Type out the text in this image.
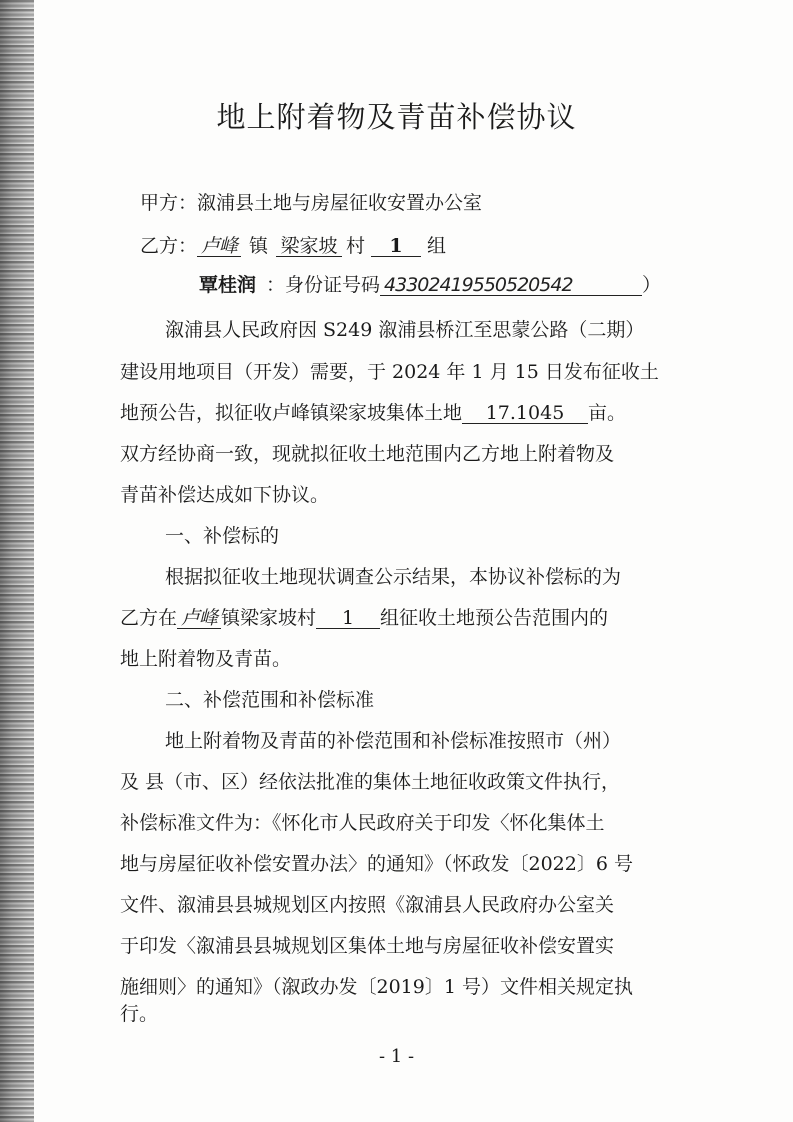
地上附着物及青苗补偿协议
甲方：溆浦县土地与房屋征收安置办公室
乙方： 卢峰 镇 梁家坡 村 1 组
覃桂润 ：身份证号码 43302419550520542	）
溆浦县人民政府因 S249 溆浦县桥江至思蒙公路（二期）
建设用地项目（开发）需要，于 2024 年 1 月 15 日发布征收土
地预公告，拟征收卢峰镇梁家坡集体土地 17.1045 亩。
双方经协商一致，现就拟征收土地范围内乙方地上附着物及
青苗补偿达成如下协议。
一、补偿标的
根据拟征收土地现状调查公示结果，本协议补偿标的为
乙方在 卢峰 镇梁家坡村 1 组征收土地预公告范围内的
地上附着物及青苗。
二、补偿范围和补偿标准
地上附着物及青苗的补偿范围和补偿标准按照市（州）
及 县（市、区）经依法批准的集体土地征收政策文件执行，
补偿标准文件为：《怀化市人民政府关于印发〈怀化集体土
地与房屋征收补偿安置办法〉的通知》（怀政发〔2022〕6 号
文件、溆浦县县城规划区内按照《溆浦县人民政府办公室关
于印发〈溆浦县县城规划区集体土地与房屋征收补偿安置实
施细则〉的通知》（溆政办发〔2019〕1 号）文件相关规定执
行。
- 1 -
